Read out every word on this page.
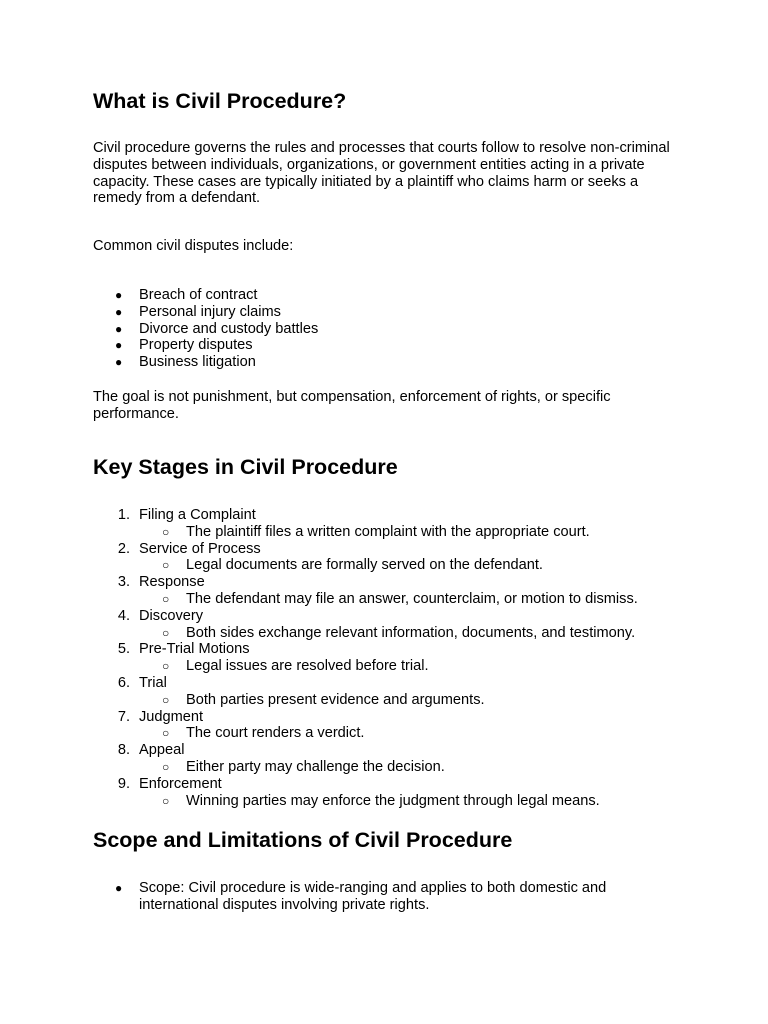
What is Civil Procedure?

Civil procedure governs the rules and processes that courts follow to resolve non-criminal disputes between individuals, organizations, or government entities acting in a private capacity. These cases are typically initiated by a plaintiff who claims harm or seeks a remedy from a defendant.

Common civil disputes include:

● Breach of contract
● Personal injury claims
● Divorce and custody battles
● Property disputes
● Business litigation

The goal is not punishment, but compensation, enforcement of rights, or specific performance.

Key Stages in Civil Procedure
1. Filing a Complaint
○ The plaintiff files a written complaint with the appropriate court.
2. Service of Process
○ Legal documents are formally served on the defendant.
3. Response
○ The defendant may file an answer, counterclaim, or motion to dismiss.
4. Discovery
○ Both sides exchange relevant information, documents, and testimony.
5. Pre-Trial Motions
○ Legal issues are resolved before trial.
6. Trial
○ Both parties present evidence and arguments.
7. Judgment
○ The court renders a verdict.
8. Appeal
○ Either party may challenge the decision.
9. Enforcement
○ Winning parties may enforce the judgment through legal means.
Scope and Limitations of Civil Procedure
● Scope: Civil procedure is wide-ranging and applies to both domestic and international disputes involving private rights.
